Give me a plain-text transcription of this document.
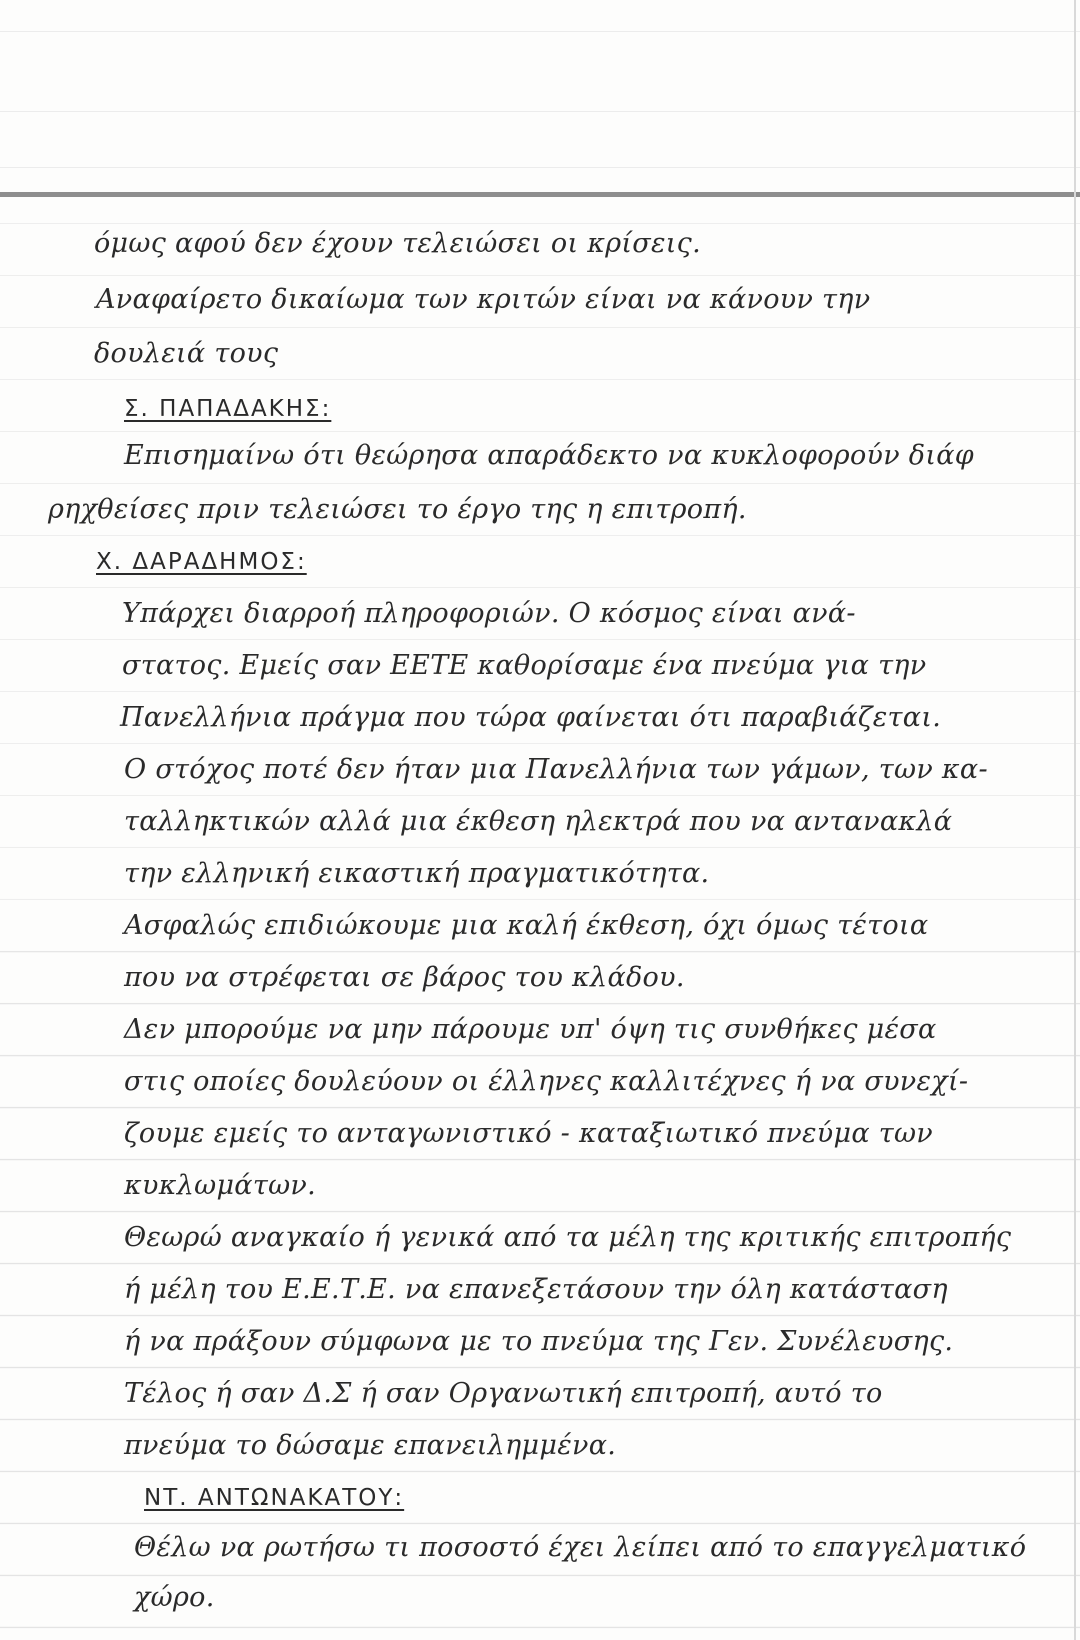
όμως αφού δεν έχουν τελειώσει οι κρίσεις.
Αναφαίρετο δικαίωμα των κριτών είναι να κάνουν την
δουλειά τους
Σ. ΠΑΠΑΔΑΚΗΣ:
Επισημαίνω ότι θεώρησα απαράδεκτο να κυκλοφορούν διάφ
ρηχθείσες πριν τελειώσει το έργο της η επιτροπή.
Χ. ΔΑΡΑΔΗΜΟΣ:
Υπάρχει διαρροή πληροφοριών. Ο κόσμος είναι ανά-
στατος. Εμείς σαν ΕΕΤΕ καθορίσαμε ένα πνεύμα για την
Πανελλήνια πράγμα που τώρα φαίνεται ότι παραβιάζεται.
Ο στόχος ποτέ δεν ήταν μια Πανελλήνια των γάμων, των κα-
ταλληκτικών αλλά μια έκθεση ηλεκτρά που να αντανακλά
την ελληνική εικαστική πραγματικότητα.
Ασφαλώς επιδιώκουμε μια καλή έκθεση, όχι όμως τέτοια
που να στρέφεται σε βάρος του κλάδου.
Δεν μπορούμε να μην πάρουμε υπ' όψη τις συνθήκες μέσα
στις οποίες δουλεύουν οι έλληνες καλλιτέχνες ή να συνεχί-
ζουμε εμείς το ανταγωνιστικό - καταξιωτικό πνεύμα των
κυκλωμάτων.
Θεωρώ αναγκαίο ή γενικά από τα μέλη της κριτικής επιτροπής
ή μέλη του Ε.Ε.Τ.Ε. να επανεξετάσουν την όλη κατάσταση
ή να πράξουν σύμφωνα με το πνεύμα της Γεν. Συνέλευσης.
Τέλος ή σαν Δ.Σ ή σαν Οργανωτική επιτροπή, αυτό το
πνεύμα το δώσαμε επανειλημμένα.
ΝΤ. ΑΝΤΩΝΑΚΑΤΟΥ:
Θέλω να ρωτήσω τι ποσοστό έχει λείπει από το επαγγελματικό
χώρο.
